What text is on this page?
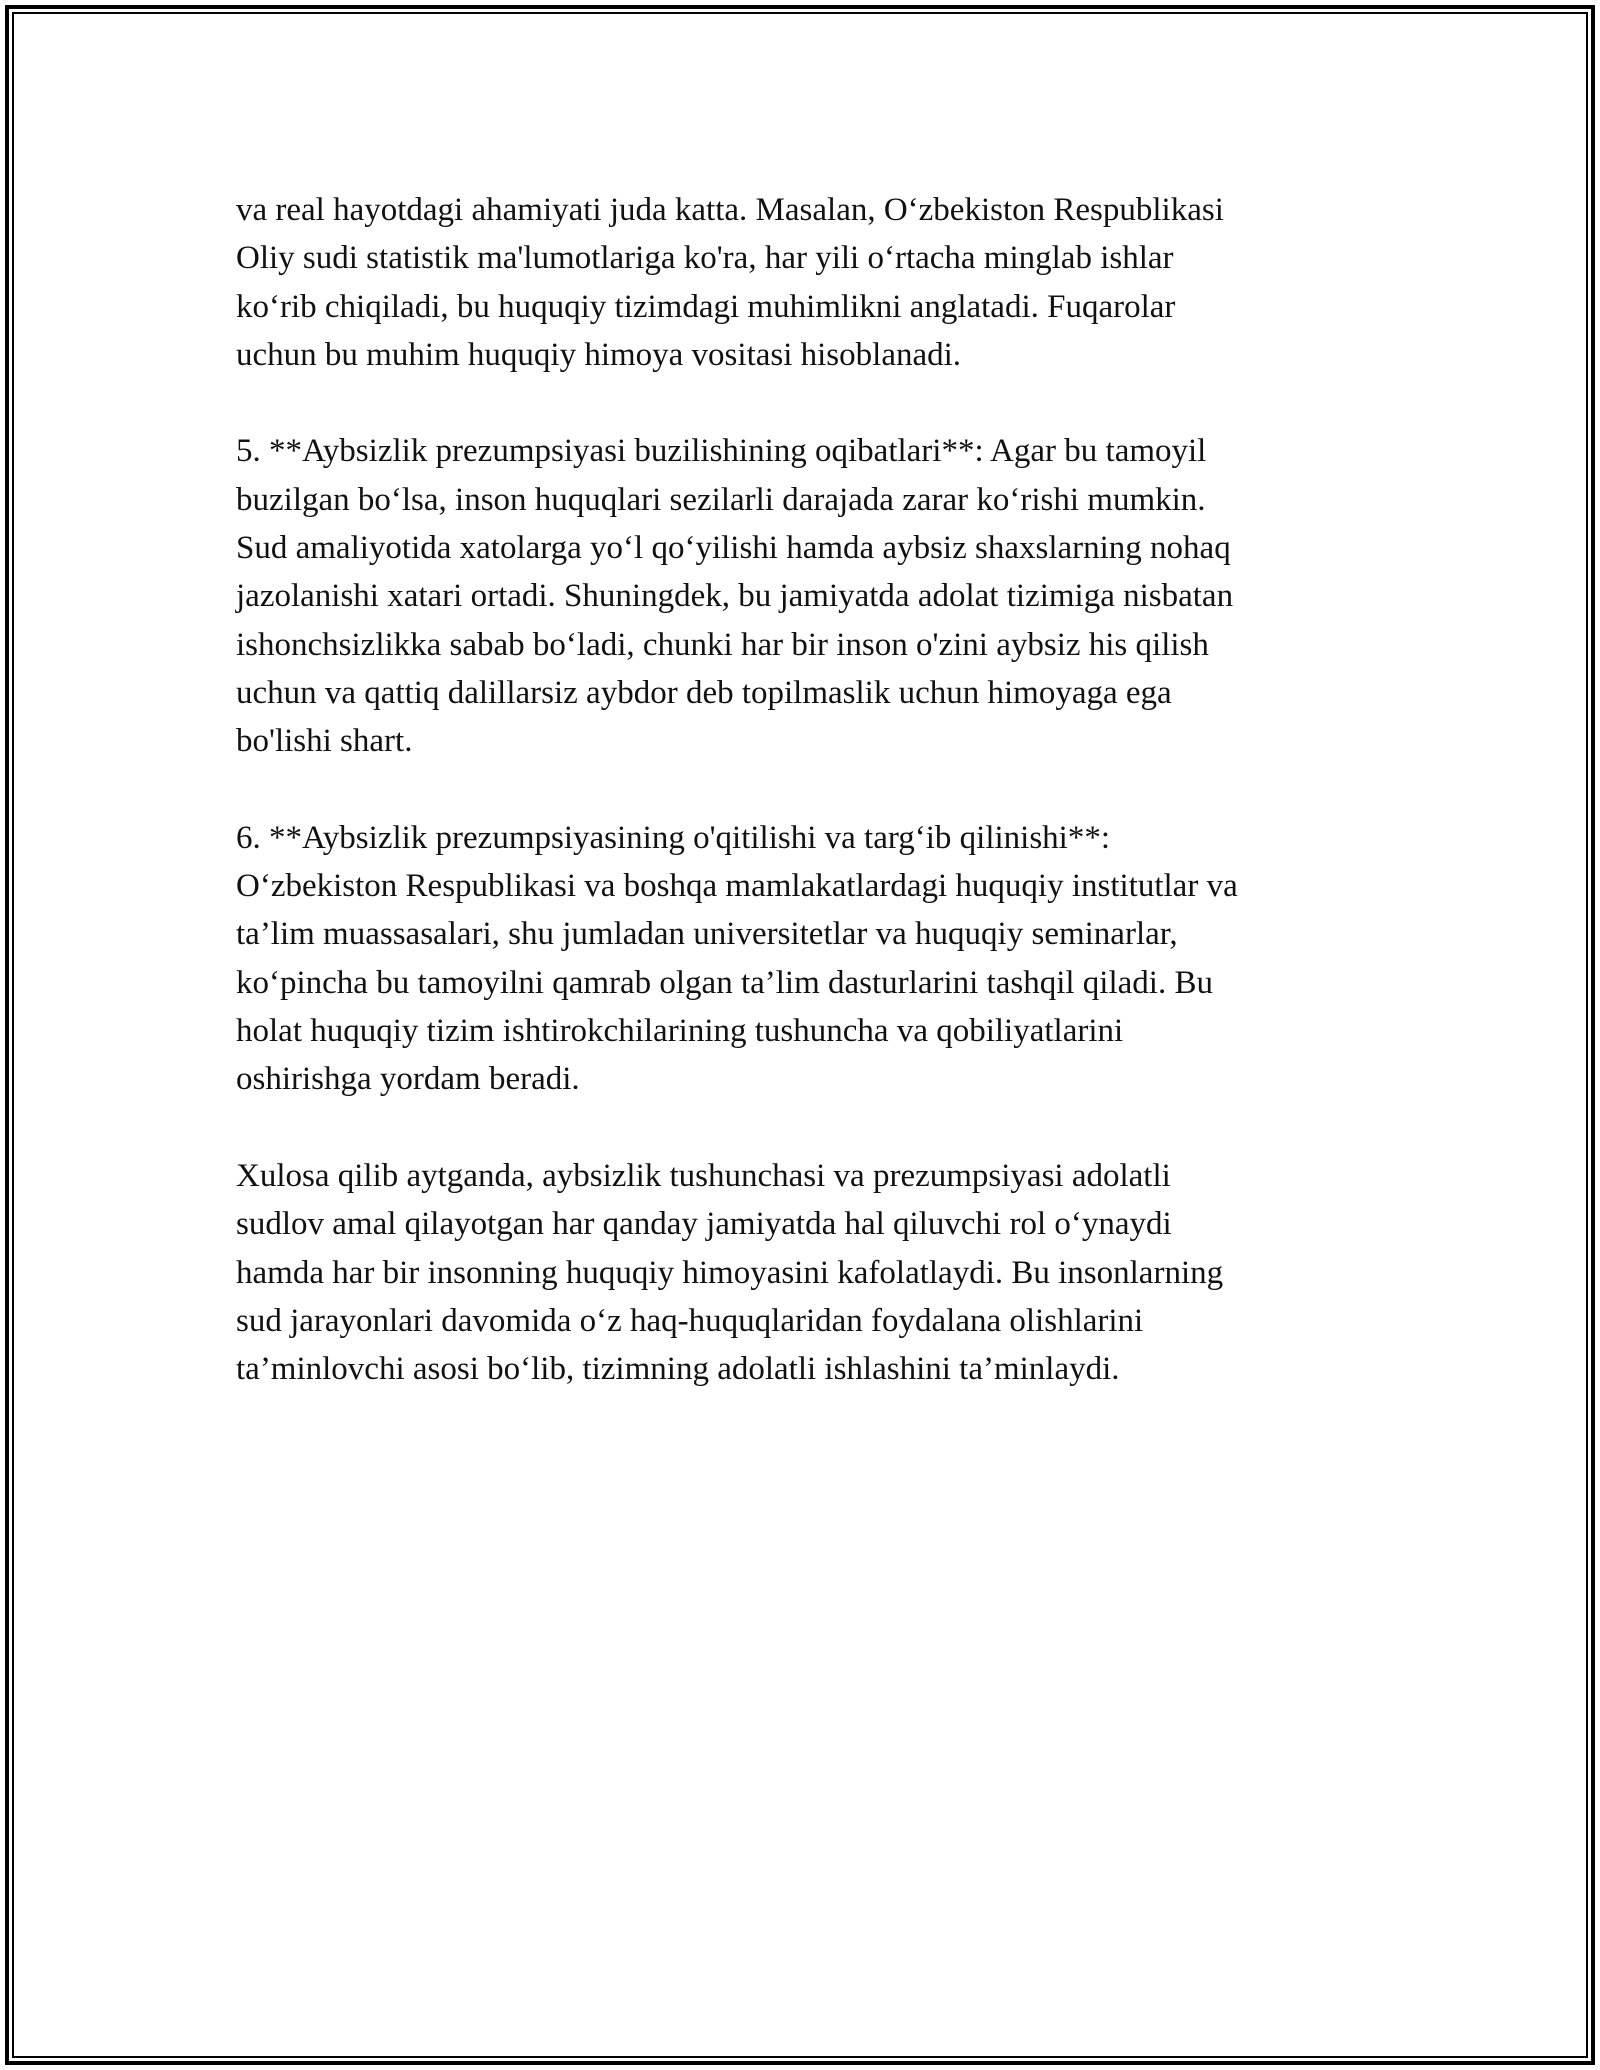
va real hayotdagi ahamiyati juda katta. Masalan, O‘zbekiston Respublikasi
Oliy sudi statistik ma'lumotlariga ko'ra, har yili o‘rtacha minglab ishlar
ko‘rib chiqiladi, bu huquqiy tizimdagi muhimlikni anglatadi. Fuqarolar
uchun bu muhim huquqiy himoya vositasi hisoblanadi.

5. **Aybsizlik prezumpsiyasi buzilishining oqibatlari**: Agar bu tamoyil
buzilgan bo‘lsa, inson huquqlari sezilarli darajada zarar ko‘rishi mumkin.
Sud amaliyotida xatolarga yo‘l qo‘yilishi hamda aybsiz shaxslarning nohaq
jazolanishi xatari ortadi. Shuningdek, bu jamiyatda adolat tizimiga nisbatan
ishonchsizlikka sabab bo‘ladi, chunki har bir inson o'zini aybsiz his qilish
uchun va qattiq dalillarsiz aybdor deb topilmaslik uchun himoyaga ega
bo'lishi shart.

6. **Aybsizlik prezumpsiyasining o'qitilishi va targ‘ib qilinishi**:
O‘zbekiston Respublikasi va boshqa mamlakatlardagi huquqiy institutlar va
ta’lim muassasalari, shu jumladan universitetlar va huquqiy seminarlar,
ko‘pincha bu tamoyilni qamrab olgan ta’lim dasturlarini tashqil qiladi. Bu
holat huquqiy tizim ishtirokchilarining tushuncha va qobiliyatlarini
oshirishga yordam beradi.

Xulosa qilib aytganda, aybsizlik tushunchasi va prezumpsiyasi adolatli
sudlov amal qilayotgan har qanday jamiyatda hal qiluvchi rol o‘ynaydi
hamda har bir insonning huquqiy himoyasini kafolatlaydi. Bu insonlarning
sud jarayonlari davomida o‘z haq-huquqlaridan foydalana olishlarini
ta’minlovchi asosi bo‘lib, tizimning adolatli ishlashini ta’minlaydi.
